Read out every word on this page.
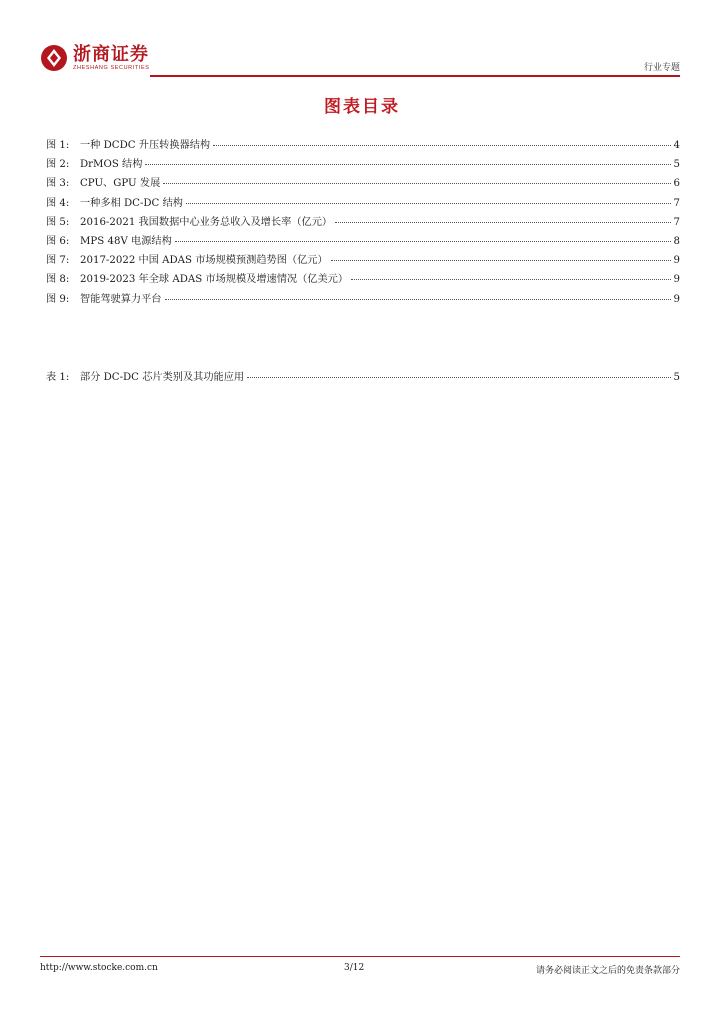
浙商证券
ZHESHANG SECURITIES	行业专题
图表目录
图 1:	一种 DCDC 升压转换器结构	4
图 2:	DrMOS 结构	5
图 3:	CPU、GPU 发展	6
图 4:	一种多相 DC-DC 结构	7
图 5:	2016-2021 我国数据中心业务总收入及增长率（亿元）	7
图 6:	MPS 48V 电源结构	8
图 7:	2017-2022 中国 ADAS 市场规模预测趋势图（亿元）	9
图 8:	2019-2023 年全球 ADAS 市场规模及增速情况（亿美元）	9
图 9:	智能驾驶算力平台	9
表 1:	部分 DC-DC 芯片类别及其功能应用	5
http://www.stocke.com.cn	3/12	请务必阅读正文之后的免责条款部分
